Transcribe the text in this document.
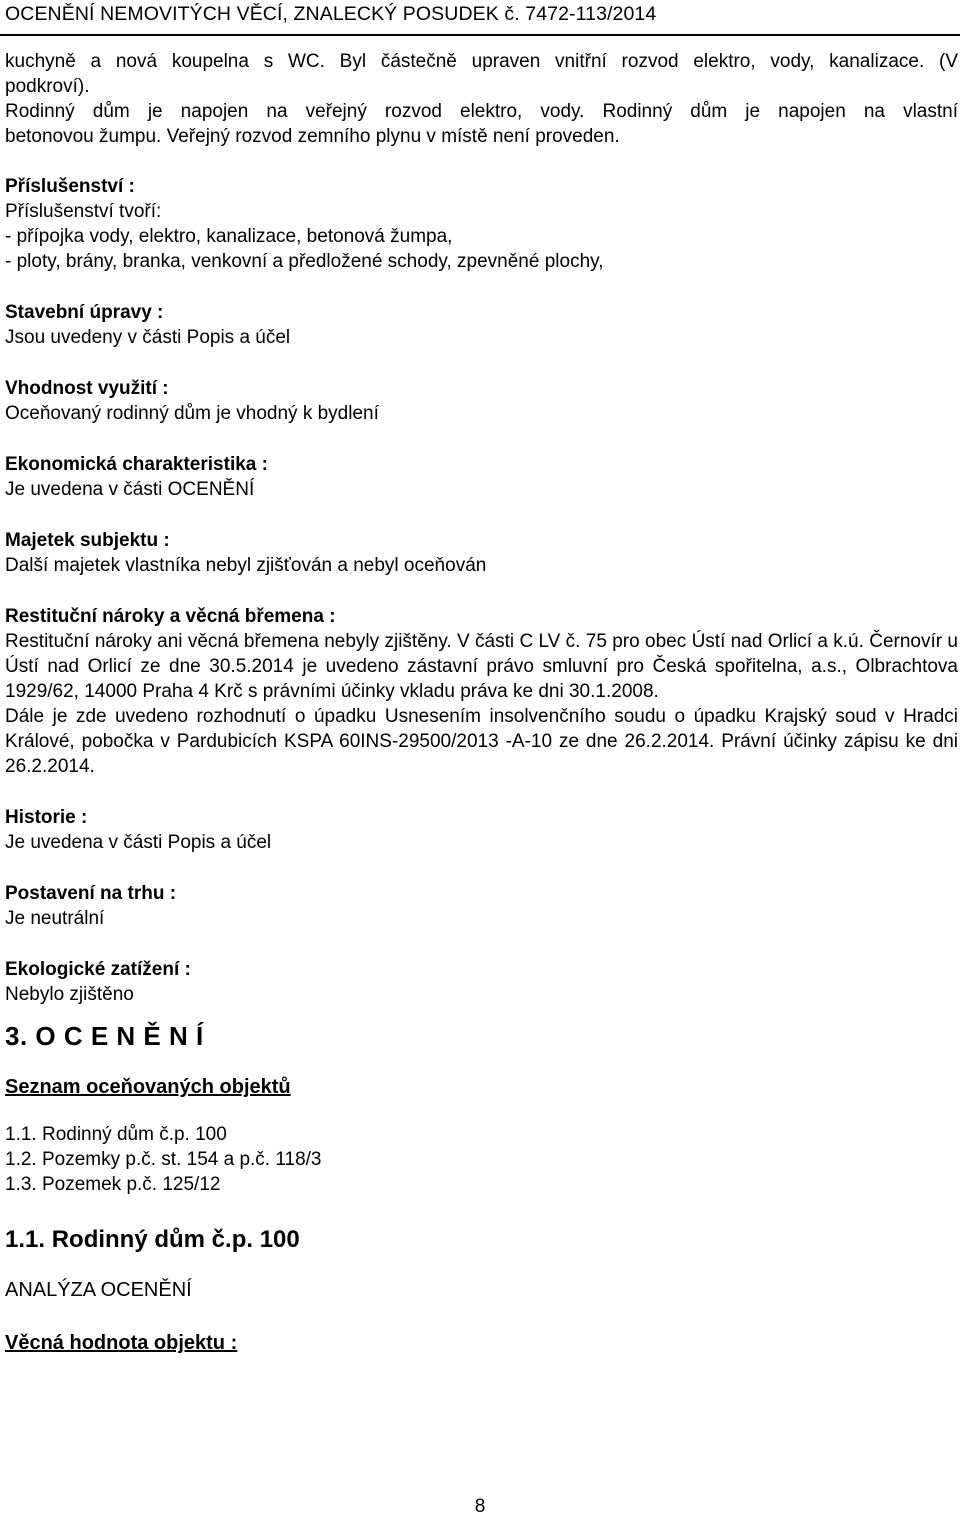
OCENĚNÍ NEMOVITÝCH VĚCÍ, ZNALECKÝ POSUDEK č. 7472-113/2014

kuchyně a nová koupelna s WC. Byl částečně upraven vnitřní rozvod elektro, vody, kanalizace. (V

podkroví).

Rodinný dům je napojen na veřejný rozvod elektro, vody. Rodinný dům je napojen na vlastní

betonovou žumpu. Veřejný rozvod zemního plynu v místě není proveden.

Příslušenství :

Příslušenství tvoří:

- přípojka vody, elektro, kanalizace, betonová žumpa,

- ploty, brány, branka, venkovní a předložené schody, zpevněné plochy,

Stavební úpravy :

Jsou uvedeny v části Popis a účel

Vhodnost využití :

Oceňovaný rodinný dům je vhodný k bydlení

Ekonomická charakteristika :

Je uvedena v části OCENĚNÍ

Majetek subjektu :

Další majetek vlastníka nebyl zjišťován a nebyl oceňován

Restituční nároky a věcná břemena :

Restituční nároky ani věcná břemena nebyly zjištěny. V části C LV č. 75 pro obec Ústí nad Orlicí a k.ú. Černovír u Ústí nad Orlicí ze dne 30.5.2014 je uvedeno zástavní právo smluvní pro Česká spořitelna, a.s., Olbrachtova 1929/62, 14000 Praha 4 Krč s právními účinky vkladu práva ke dni 30.1.2008.

Dále je zde uvedeno rozhodnutí o úpadku Usnesením insolvenčního soudu o úpadku Krajský soud v Hradci Králové, pobočka v Pardubicích KSPA 60INS-29500/2013 -A-10 ze dne 26.2.2014. Právní účinky zápisu ke dni 26.2.2014.

Historie :

Je uvedena v části Popis a účel

Postavení na trhu :

Je neutrální

Ekologické zatížení :

Nebylo zjištěno

3. O C E N Ě N Í

Seznam oceňovaných objektů

1.1. Rodinný dům č.p. 100

1.2. Pozemky p.č. st. 154 a p.č. 118/3

1.3. Pozemek p.č. 125/12

1.1. Rodinný dům č.p. 100

ANALÝZA OCENĚNÍ

Věcná hodnota objektu :

8
